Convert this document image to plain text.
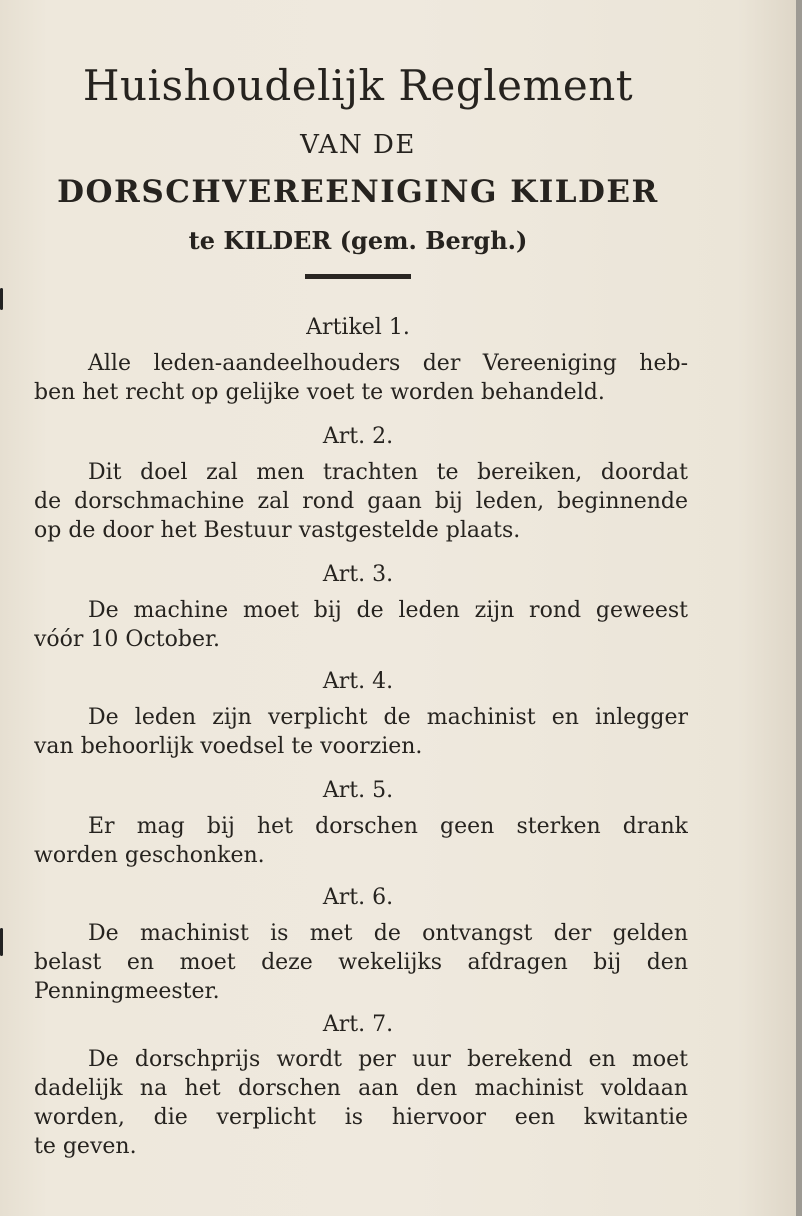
Huishoudelijk Reglement
VAN DE
DORSCHVEREENIGING KILDER
te KILDER (gem. Bergh.)
Artikel 1.
Alle leden-aandeelhouders der Vereeniging heb-
ben het recht op gelijke voet te worden behandeld.
Art. 2.
Dit doel zal men trachten te bereiken, doordat
de dorschmachine zal rond gaan bij leden, beginnende
op de door het Bestuur vastgestelde plaats.
Art. 3.
De machine moet bij de leden zijn rond geweest
vóór 10 October.
Art. 4.
De leden zijn verplicht de machinist en inlegger
van behoorlijk voedsel te voorzien.
Art. 5.
Er mag bij het dorschen geen sterken drank
worden geschonken.
Art. 6.
De machinist is met de ontvangst der gelden
belast en moet deze wekelijks afdragen bij den
Penningmeester.
Art. 7.
De dorschprijs wordt per uur berekend en moet
dadelijk na het dorschen aan den machinist voldaan
worden, die verplicht is hiervoor een kwitantie
te geven.
